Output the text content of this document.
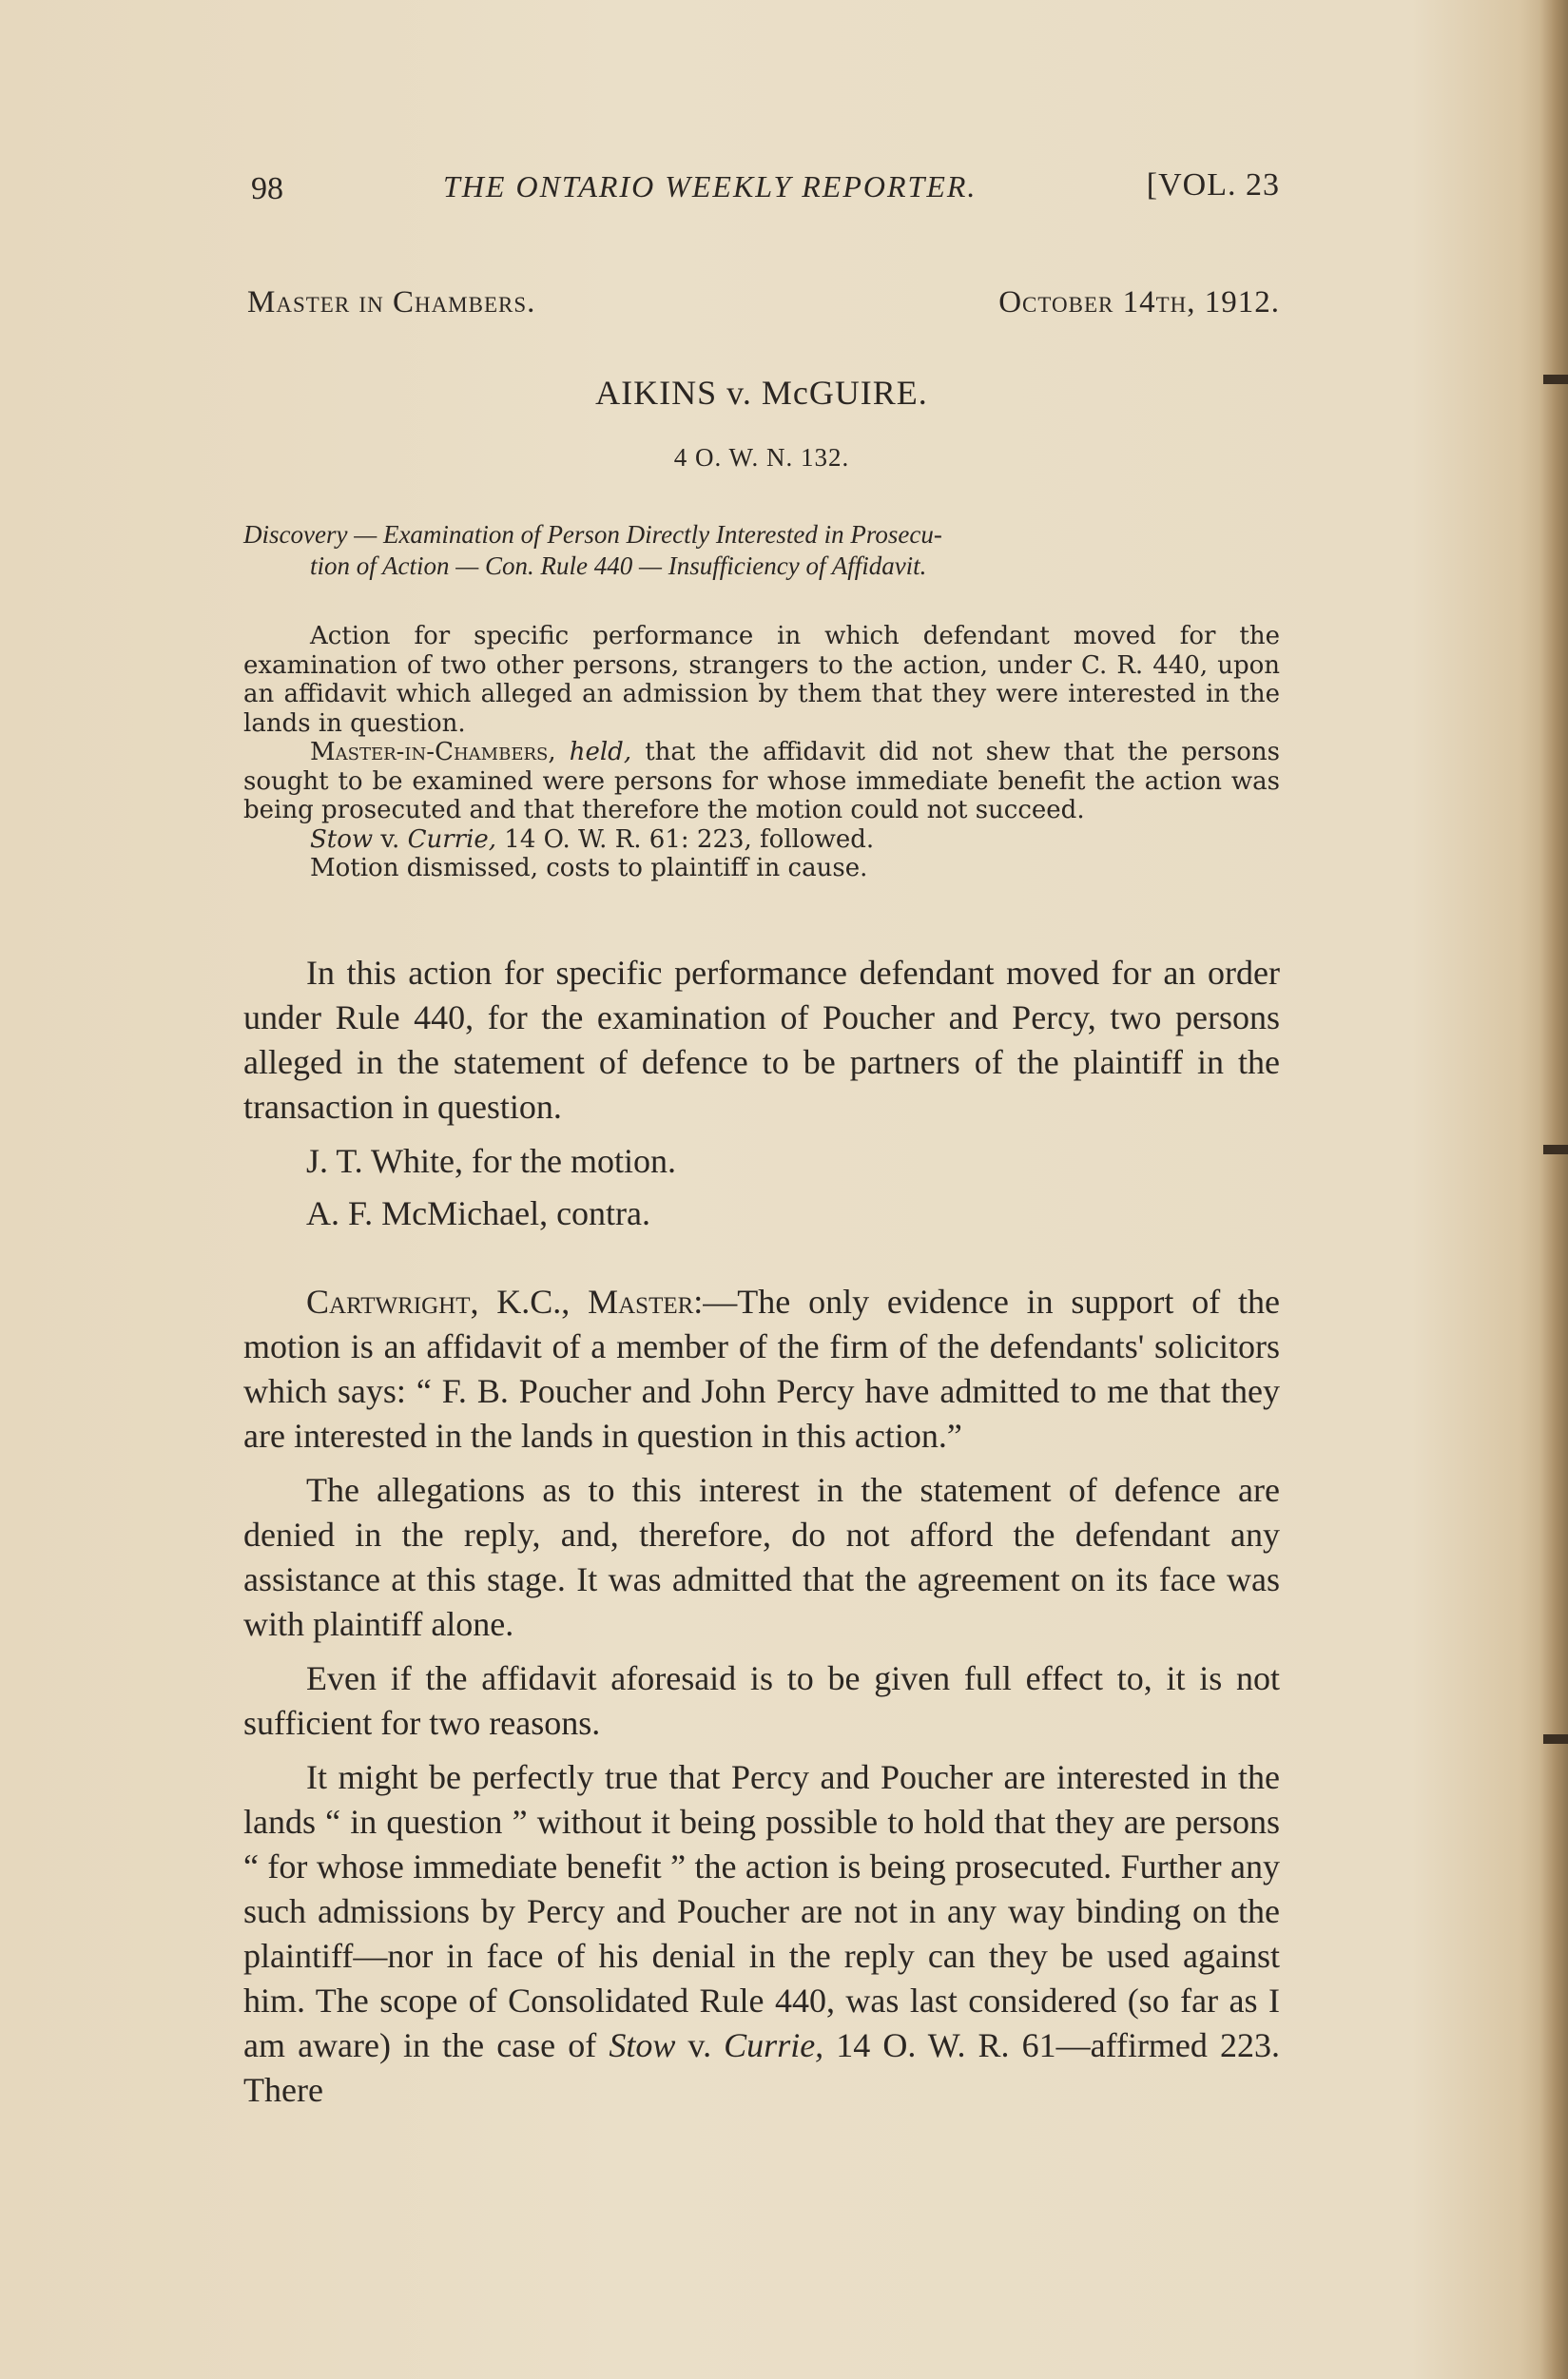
98	THE ONTARIO WEEKLY REPORTER.	[VOL. 23
Master in Chambers.	October 14th, 1912.
AIKINS v. McGUIRE.
4 O. W. N. 132.
Discovery — Examination of Person Directly Interested in Prosecu-
tion of Action — Con. Rule 440 — Insufficiency of Affidavit.

Action for specific performance in which defendant moved for the examination of two other persons, strangers to the action, under C. R. 440, upon an affidavit which alleged an admission by them that they were interested in the lands in question.

Master-in-Chambers, held, that the affidavit did not shew that the persons sought to be examined were persons for whose immediate benefit the action was being prosecuted and that therefore the motion could not succeed.

Stow v. Currie, 14 O. W. R. 61: 223, followed.

Motion dismissed, costs to plaintiff in cause.

In this action for specific performance defendant moved for an order under Rule 440, for the examination of Poucher and Percy, two persons alleged in the statement of defence to be partners of the plaintiff in the transaction in question.

J. T. White, for the motion.

A. F. McMichael, contra.

Cartwright, K.C., Master:—The only evidence in support of the motion is an affidavit of a member of the firm of the defendants' solicitors which says: “ F. B. Poucher and John Percy have admitted to me that they are interested in the lands in question in this action.”

The allegations as to this interest in the statement of defence are denied in the reply, and, therefore, do not afford the defendant any assistance at this stage. It was admitted that the agreement on its face was with plaintiff alone.

Even if the affidavit aforesaid is to be given full effect to, it is not sufficient for two reasons.

It might be perfectly true that Percy and Poucher are interested in the lands “ in question ” without it being possible to hold that they are persons “ for whose immediate benefit ” the action is being prosecuted. Further any such admissions by Percy and Poucher are not in any way binding on the plaintiff—nor in face of his denial in the reply can they be used against him. The scope of Consolidated Rule 440, was last considered (so far as I am aware) in the case of Stow v. Currie, 14 O. W. R. 61—affirmed 223. There
